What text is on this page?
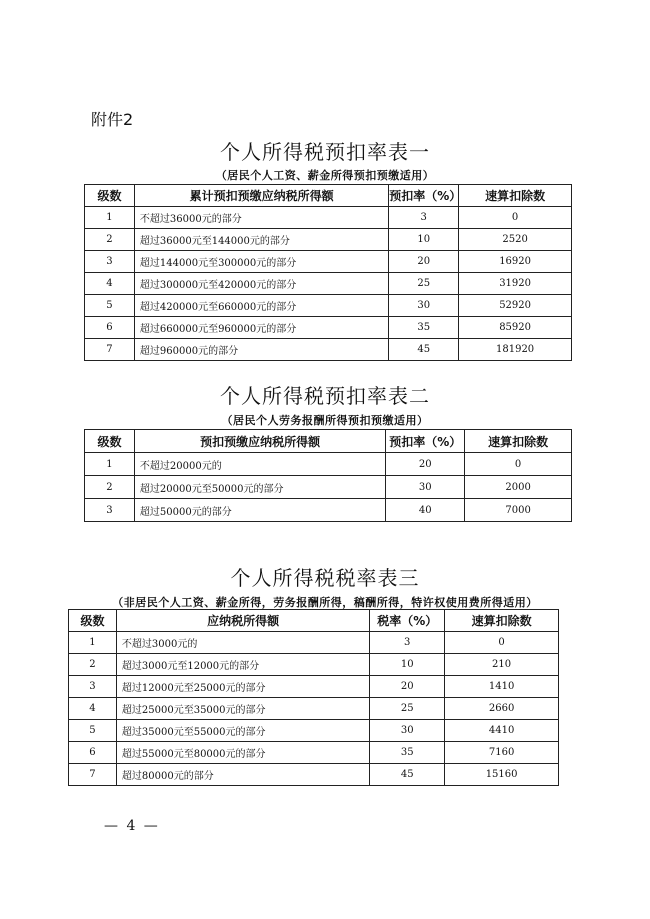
附件2
个人所得税预扣率表一
（居民个人工资、薪金所得预扣预缴适用）
级数	累计预扣预缴应纳税所得额	预扣率（%）	速算扣除数
1	不超过36000元的部分	3	0
2	超过36000元至144000元的部分	10	2520
3	超过144000元至300000元的部分	20	16920
4	超过300000元至420000元的部分	25	31920
5	超过420000元至660000元的部分	30	52920
6	超过660000元至960000元的部分	35	85920
7	超过960000元的部分	45	181920
个人所得税预扣率表二
（居民个人劳务报酬所得预扣预缴适用）
级数	预扣预缴应纳税所得额	预扣率（%）	速算扣除数
1	不超过20000元的	20	0
2	超过20000元至50000元的部分	30	2000
3	超过50000元的部分	40	7000
个人所得税税率表三
（非居民个人工资、薪金所得，劳务报酬所得，稿酬所得，特许权使用费所得适用）
级数	应纳税所得额	税率（%）	速算扣除数
1	不超过3000元的	3	0
2	超过3000元至12000元的部分	10	210
3	超过12000元至25000元的部分	20	1410
4	超过25000元至35000元的部分	25	2660
5	超过35000元至55000元的部分	30	4410
6	超过55000元至80000元的部分	35	7160
7	超过80000元的部分	45	15160
— 4 —
